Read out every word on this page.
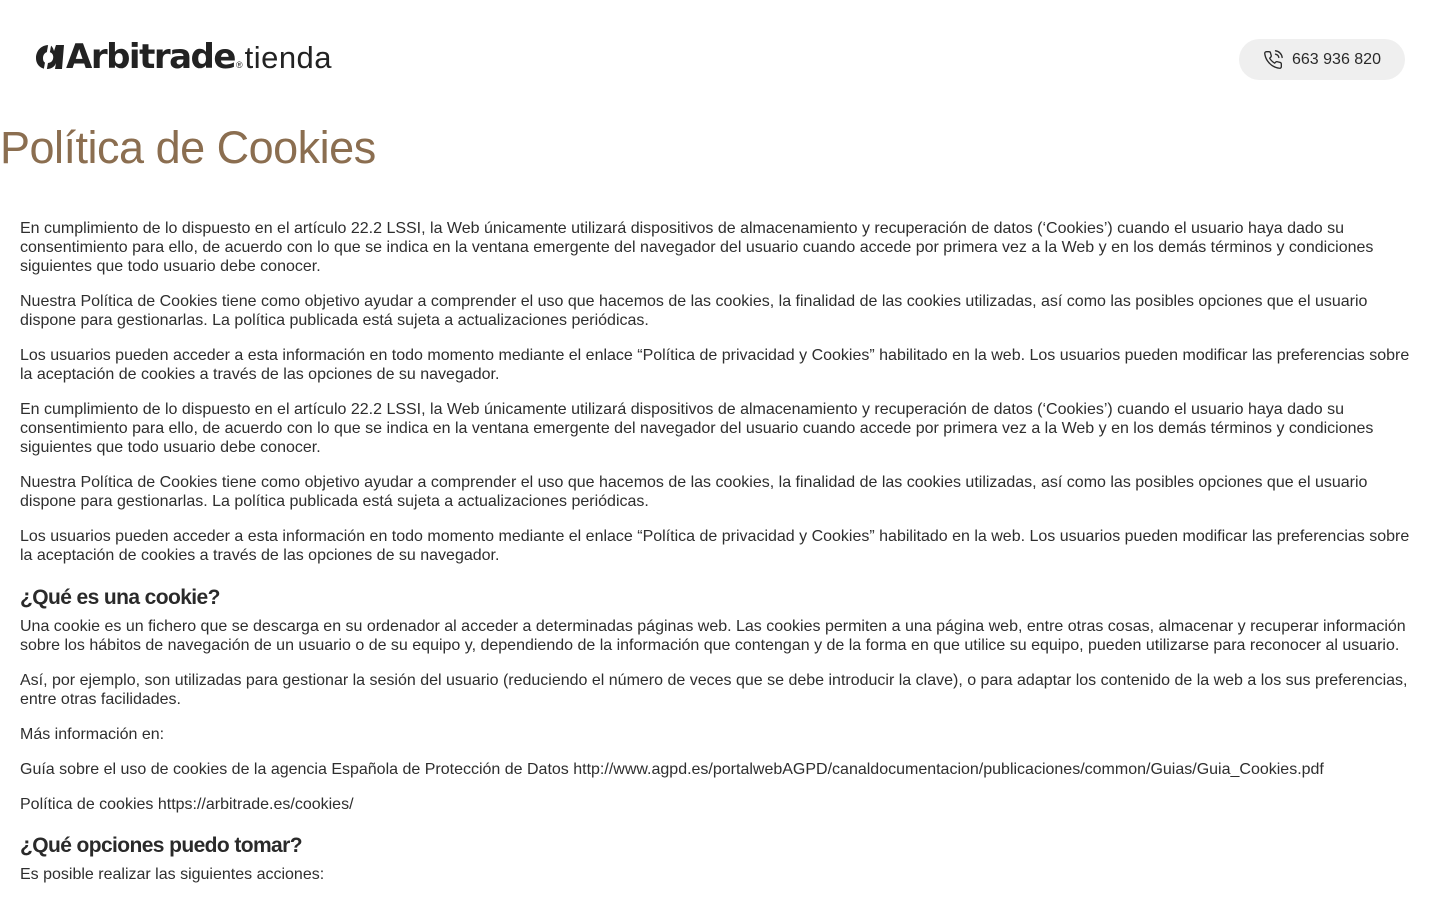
Arbitrade ® tienda	663 936 820
Política de Cookies

En cumplimiento de lo dispuesto en el artículo 22.2 LSSI, la Web únicamente utilizará dispositivos de almacenamiento y recuperación de datos (‘Cookies’) cuando el usuario haya dado su consentimiento para ello, de acuerdo con lo que se indica en la ventana emergente del navegador del usuario cuando accede por primera vez a la Web y en los demás términos y condiciones siguientes que todo usuario debe conocer.

Nuestra Política de Cookies tiene como objetivo ayudar a comprender el uso que hacemos de las cookies, la finalidad de las cookies utilizadas, así como las posibles opciones que el usuario dispone para gestionarlas. La política publicada está sujeta a actualizaciones periódicas.

Los usuarios pueden acceder a esta información en todo momento mediante el enlace “Política de privacidad y Cookies” habilitado en la web. Los usuarios pueden modificar las preferencias sobre la aceptación de cookies a través de las opciones de su navegador.

En cumplimiento de lo dispuesto en el artículo 22.2 LSSI, la Web únicamente utilizará dispositivos de almacenamiento y recuperación de datos (‘Cookies’) cuando el usuario haya dado su consentimiento para ello, de acuerdo con lo que se indica en la ventana emergente del navegador del usuario cuando accede por primera vez a la Web y en los demás términos y condiciones siguientes que todo usuario debe conocer.

Nuestra Política de Cookies tiene como objetivo ayudar a comprender el uso que hacemos de las cookies, la finalidad de las cookies utilizadas, así como las posibles opciones que el usuario dispone para gestionarlas. La política publicada está sujeta a actualizaciones periódicas.

Los usuarios pueden acceder a esta información en todo momento mediante el enlace “Política de privacidad y Cookies” habilitado en la web. Los usuarios pueden modificar las preferencias sobre la aceptación de cookies a través de las opciones de su navegador.

¿Qué es una cookie?

Una cookie es un fichero que se descarga en su ordenador al acceder a determinadas páginas web. Las cookies permiten a una página web, entre otras cosas, almacenar y recuperar información sobre los hábitos de navegación de un usuario o de su equipo y, dependiendo de la información que contengan y de la forma en que utilice su equipo, pueden utilizarse para reconocer al usuario.

Así, por ejemplo, son utilizadas para gestionar la sesión del usuario (reduciendo el número de veces que se debe introducir la clave), o para adaptar los contenido de la web a los sus preferencias, entre otras facilidades.

Más información en:

Guía sobre el uso de cookies de la agencia Española de Protección de Datos http://www.agpd.es/portalwebAGPD/canaldocumentacion/publicaciones/common/Guias/Guia_Cookies.pdf

Política de cookies https://arbitrade.es/cookies/

¿Qué opciones puedo tomar?

Es posible realizar las siguientes acciones:
